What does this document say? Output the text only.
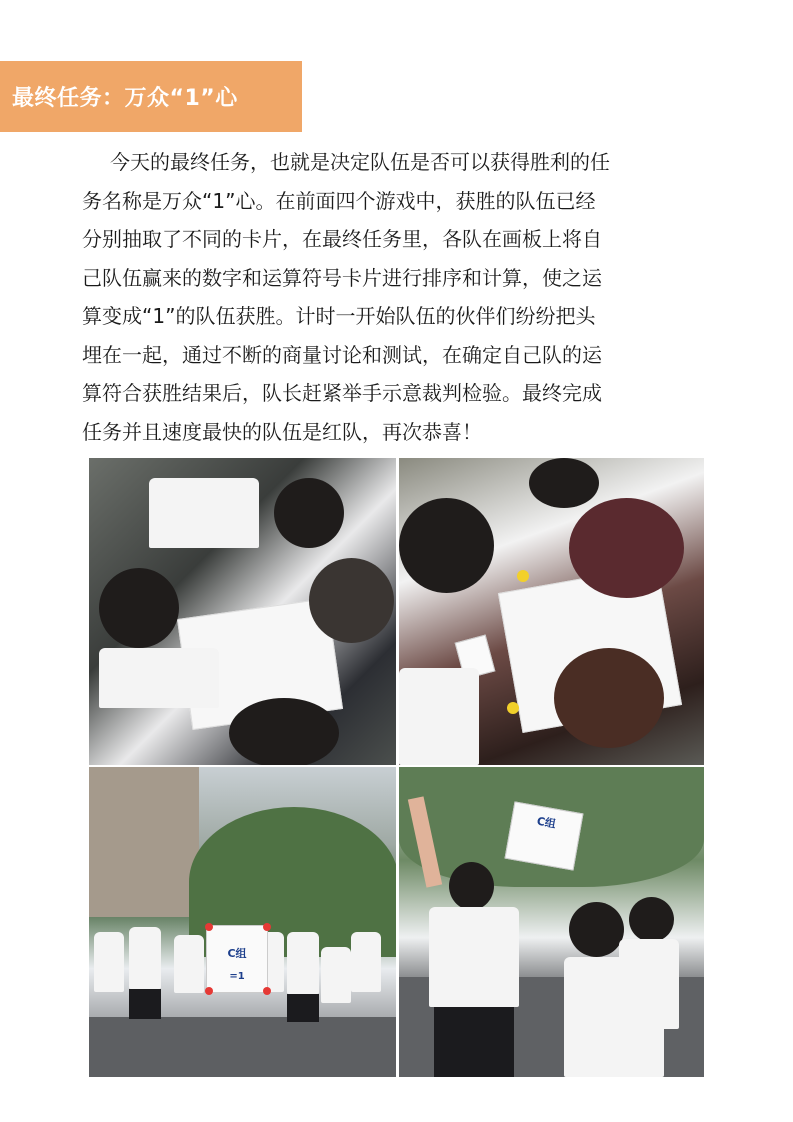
最终任务：万众“1”心
今天的最终任务，也就是决定队伍是否可以获得胜利的任
务名称是万众“1”心。在前面四个游戏中，获胜的队伍已经
分别抽取了不同的卡片，在最终任务里，各队在画板上将自
己队伍赢来的数字和运算符号卡片进行排序和计算，使之运
算变成“1”的队伍获胜。计时一开始队伍的伙伴们纷纷把头
埋在一起，通过不断的商量讨论和测试，在确定自己队的运
算符合获胜结果后，队长赶紧举手示意裁判检验。最终完成
任务并且速度最快的队伍是红队，再次恭喜！
C组
=1
C组
